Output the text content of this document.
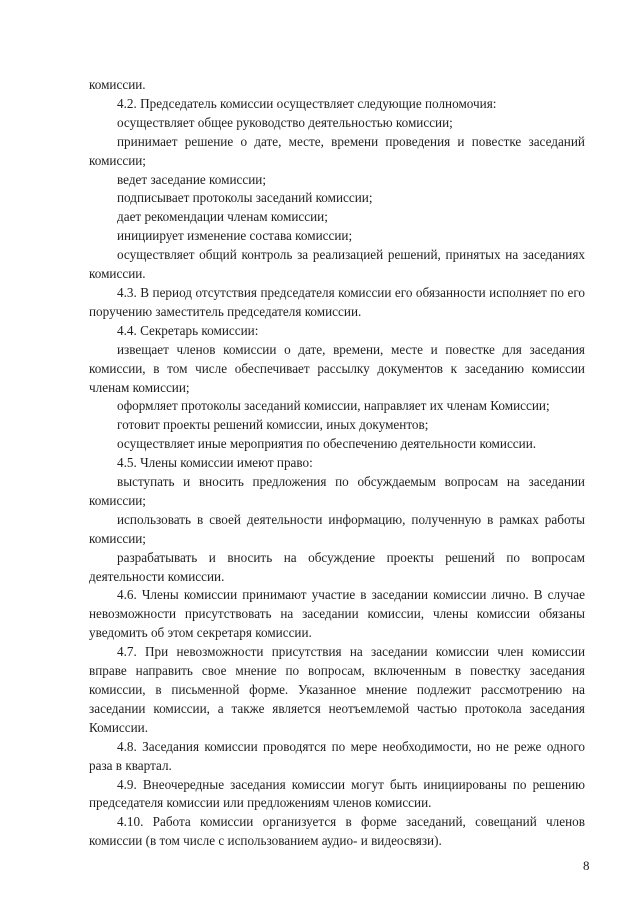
комиссии.

4.2. Председатель комиссии осуществляет следующие полномочия:

осуществляет общее руководство деятельностью комиссии;

принимает решение о дате, месте, времени проведения и повестке заседаний комиссии;

ведет заседание комиссии;

подписывает протоколы заседаний комиссии;

дает рекомендации членам комиссии;

инициирует изменение состава комиссии;

осуществляет общий контроль за реализацией решений, принятых на заседаниях комиссии.

4.3. В период отсутствия председателя комиссии его обязанности исполняет по его поручению заместитель председателя комиссии.

4.4. Секретарь комиссии:

извещает членов комиссии о дате, времени, месте и повестке для заседания комиссии, в том числе обеспечивает рассылку документов к заседанию комиссии членам комиссии;

оформляет протоколы заседаний комиссии, направляет их членам Комиссии;

готовит проекты решений комиссии, иных документов;

осуществляет иные мероприятия по обеспечению деятельности комиссии.

4.5. Члены комиссии имеют право:

выступать и вносить предложения по обсуждаемым вопросам на заседании комиссии;

использовать в своей деятельности информацию, полученную в рамках работы комиссии;

разрабатывать и вносить на обсуждение проекты решений по вопросам деятельности комиссии.

4.6. Члены комиссии принимают участие в заседании комиссии лично. В случае невозможности присутствовать на заседании комиссии, члены комиссии обязаны уведомить об этом секретаря комиссии.

4.7. При невозможности присутствия на заседании комиссии член комиссии вправе направить свое мнение по вопросам, включенным в повестку заседания комиссии, в письменной форме. Указанное мнение подлежит рассмотрению на заседании комиссии, а также является неотъемлемой частью протокола заседания Комиссии.

4.8. Заседания комиссии проводятся по мере необходимости, но не реже одного раза в квартал.

4.9. Внеочередные заседания комиссии могут быть инициированы по решению председателя комиссии или предложениям членов комиссии.

4.10. Работа комиссии организуется в форме заседаний, совещаний членов комиссии (в том числе с использованием аудио- и видеосвязи).

8
